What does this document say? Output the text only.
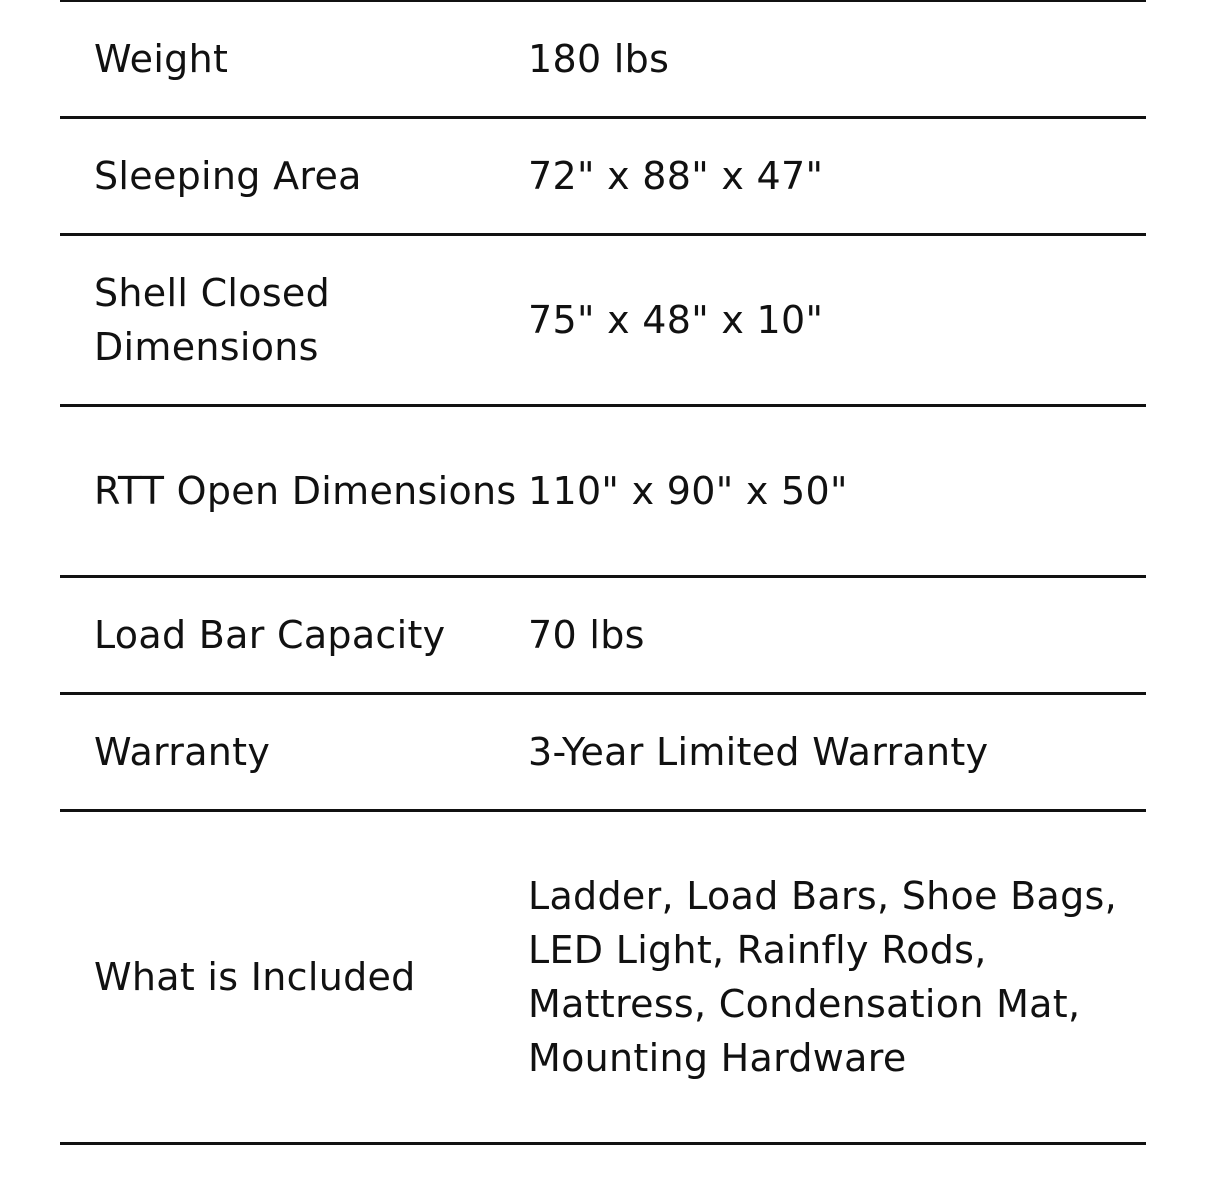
Weight	180 lbs
Sleeping Area	72" x 88" x 47"
Shell Closed Dimensions	75" x 48" x 10"
RTT Open Dimensions	110" x 90" x 50"
Load Bar Capacity	70 lbs
Warranty	3-Year Limited Warranty
What is Included	Ladder, Load Bars, Shoe Bags, LED Light, Rainfly Rods, Mattress, Condensation Mat, Mounting Hardware
